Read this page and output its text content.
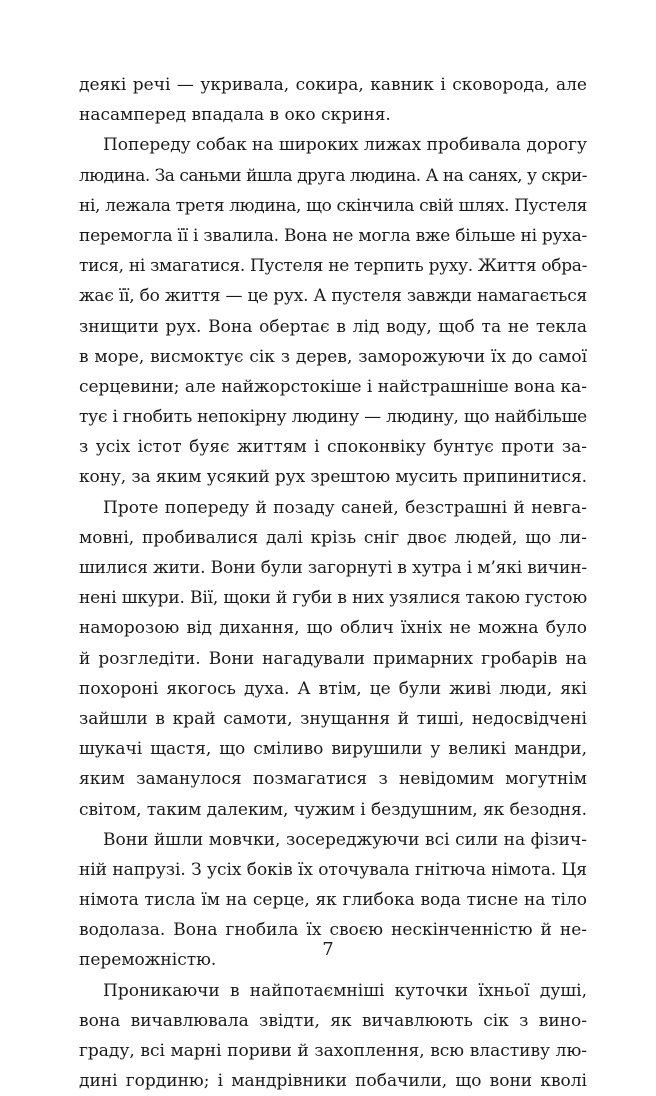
деякі речі — укривала, сокира, кавник і сковорода, але
насамперед впадала в око скриня.
Попереду собак на широких лижах пробивала дорогу
людина. За саньми йшла друга людина. А на санях, у скри-
ні, лежала третя людина, що скінчила свій шлях. Пустеля
перемогла її і звалила. Вона не могла вже більше ні руха-
тися, ні змагатися. Пустеля не терпить руху. Життя обра-
жає її, бо життя — це рух. А пустеля завжди намагається
знищити рух. Вона обертає в лід воду, щоб та не текла
в море, висмоктує сік з дерев, заморожуючи їх до самої
серцевини; але найжорстокіше і найстрашніше вона ка-
тує і гнобить непокірну людину — людину, що найбільше
з усіх істот буяє життям і споконвіку бунтує проти за-
кону, за яким усякий рух зрештою мусить припинитися.
Проте попереду й позаду саней, безстрашні й невга-
мовні, пробивалися далі крізь сніг двоє людей, що ли-
шилися жити. Вони були загорнуті в хутра і м’які вичин-
нені шкури. Вії, щоки й губи в них узялися такою густою
наморозою від дихання, що облич їхніх не можна було
й розгледіти. Вони нагадували примарних гробарів на
похороні якогось духа. А втім, це були живі люди, які
зайшли в край самоти, знущання й тиші, недосвідчені
шукачі щастя, що сміливо вирушили у великі мандри,
яким заманулося позмагатися з невідомим могутнім
світом, таким далеким, чужим і бездушним, як безодня.
Вони йшли мовчки, зосереджуючи всі сили на фізич-
ній напрузі. З усіх боків їх оточувала гнітюча німота. Ця
німота тисла їм на серце, як глибока вода тисне на тіло
водолаза. Вона гнобила їх своєю нескінченністю й не-
переможністю.
Проникаючи в найпотаємніші куточки їхньої душі,
вона вичавлювала звідти, як вичавлюють сік з вино-
граду, всі марні пориви й захоплення, всю властиву лю-
дині гординю; і мандрівники побачили, що вони кволі
7
